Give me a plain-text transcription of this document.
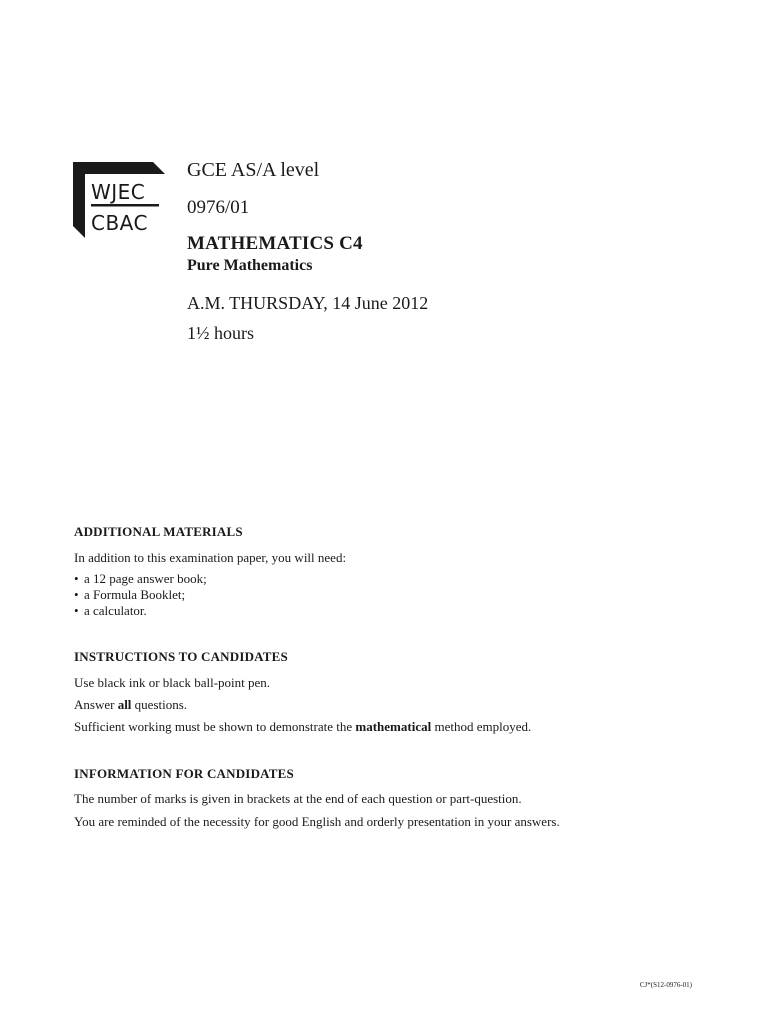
WJEC
CBAC
GCE AS/A level
0976/01
MATHEMATICS C4
Pure Mathematics
A.M. THURSDAY, 14 June 2012
1½ hours

ADDITIONAL MATERIALS

In addition to this examination paper, you will need:

• a 12 page answer book;
• a Formula Booklet;
• a calculator.

INSTRUCTIONS TO CANDIDATES

Use black ink or black ball-point pen.

Answer all questions.

Sufficient working must be shown to demonstrate the mathematical method employed.

INFORMATION FOR CANDIDATES

The number of marks is given in brackets at the end of each question or part-question.

You are reminded of the necessity for good English and orderly presentation in your answers.

CJ*(S12-0976-01)
